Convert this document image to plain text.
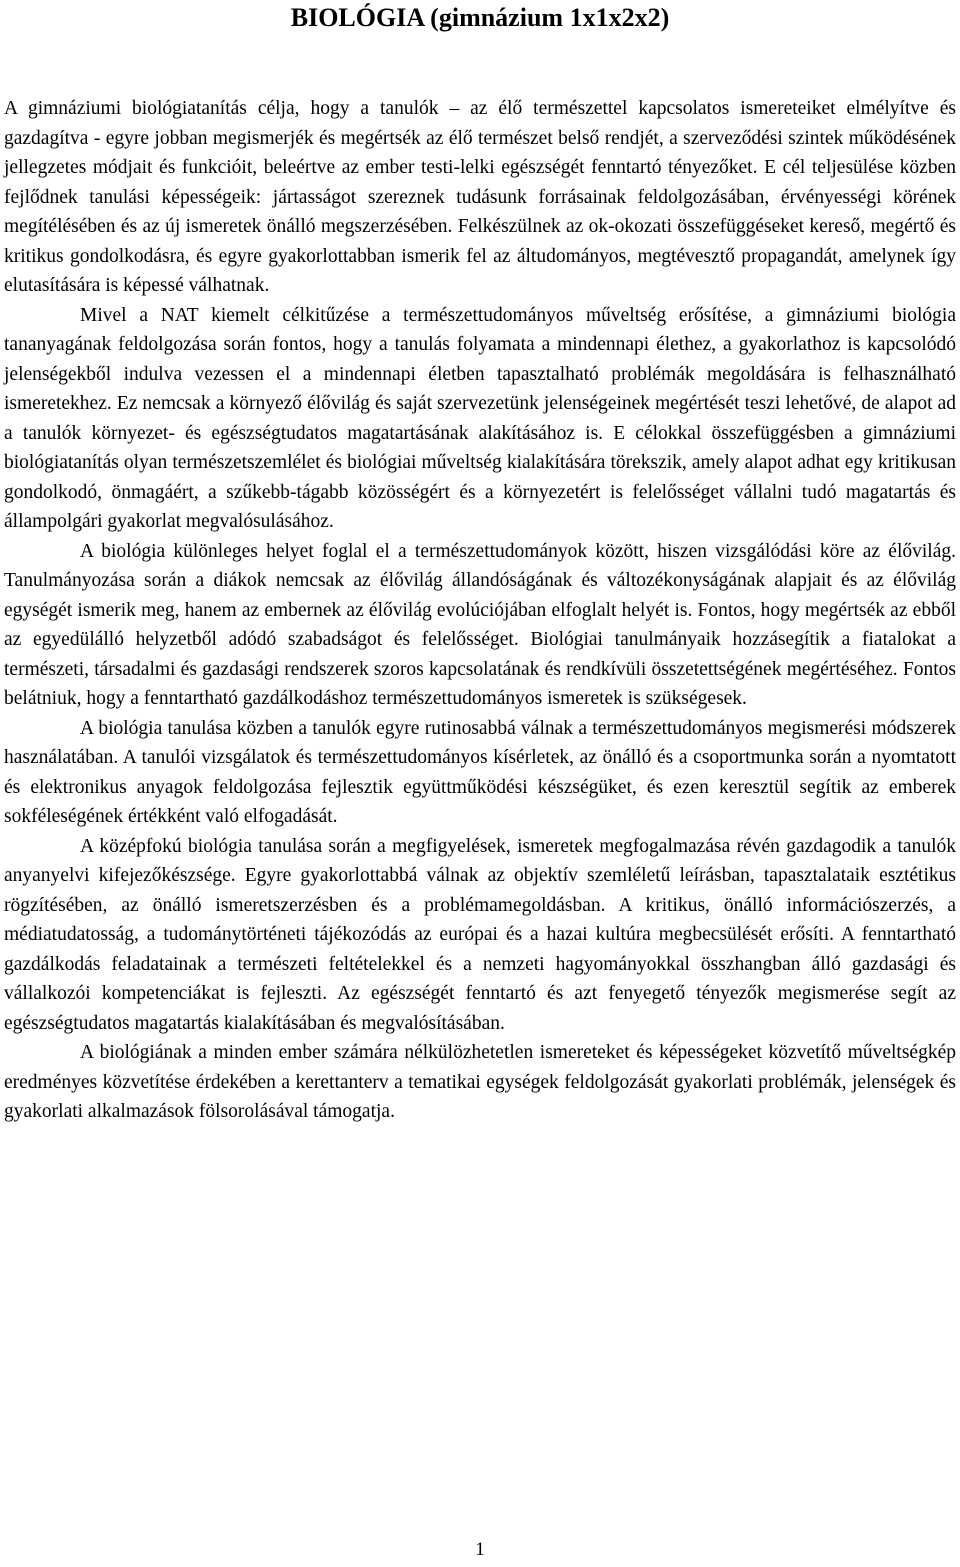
BIOLÓGIA (gimnázium 1x1x2x2)

A gimnáziumi biológiatanítás célja, hogy a tanulók – az élő természettel kapcsolatos ismereteiket elmélyítve és gazdagítva - egyre jobban megismerjék és megértsék az élő természet belső rendjét, a szerveződési szintek működésének jellegzetes módjait és funkcióit, beleértve az ember testi-lelki egészségét fenntartó tényezőket. E cél teljesülése közben fejlődnek tanulási képességeik: jártasságot szereznek tudásunk forrásainak feldolgozásában, érvényességi körének megítélésében és az új ismeretek önálló megszerzésében. Felkészülnek az ok-okozati összefüggéseket kereső, megértő és kritikus gondolkodásra, és egyre gyakorlottabban ismerik fel az áltudományos, megtévesztő propagandát, amelynek így elutasítására is képessé válhatnak.

Mivel a NAT kiemelt célkitűzése a természettudományos műveltség erősítése, a gimnáziumi biológia tananyagának feldolgozása során fontos, hogy a tanulás folyamata a mindennapi élethez, a gyakorlathoz is kapcsolódó jelenségekből indulva vezessen el a mindennapi életben tapasztalható problémák megoldására is felhasználható ismeretekhez. Ez nemcsak a környező élővilág és saját szervezetünk jelenségeinek megértését teszi lehetővé, de alapot ad a tanulók környezet- és egészségtudatos magatartásának alakításához is. E célokkal összefüggésben a gimnáziumi biológiatanítás olyan természetszemlélet és biológiai műveltség kialakítására törekszik, amely alapot adhat egy kritikusan gondolkodó, önmagáért, a szűkebb-tágabb közösségért és a környezetért is felelősséget vállalni tudó magatartás és állampolgári gyakorlat megvalósulásához.

A biológia különleges helyet foglal el a természettudományok között, hiszen vizsgálódási köre az élővilág. Tanulmányozása során a diákok nemcsak az élővilág állandóságának és változékonyságának alapjait és az élővilág egységét ismerik meg, hanem az embernek az élővilág evolúciójában elfoglalt helyét is. Fontos, hogy megértsék az ebből az egyedülálló helyzetből adódó szabadságot és felelősséget. Biológiai tanulmányaik hozzásegítik a fiatalokat a természeti, társadalmi és gazdasági rendszerek szoros kapcsolatának és rendkívüli összetettségének megértéséhez. Fontos belátniuk, hogy a fenntartható gazdálkodáshoz természettudományos ismeretek is szükségesek.

A biológia tanulása közben a tanulók egyre rutinosabbá válnak a természettudományos megismerési módszerek használatában. A tanulói vizsgálatok és természettudományos kísérletek, az önálló és a csoportmunka során a nyomtatott és elektronikus anyagok feldolgozása fejlesztik együttműködési készségüket, és ezen keresztül segítik az emberek sokféleségének értékként való elfogadását.

A középfokú biológia tanulása során a megfigyelések, ismeretek megfogalmazása révén gazdagodik a tanulók anyanyelvi kifejezőkészsége. Egyre gyakorlottabbá válnak az objektív szemléletű leírásban, tapasztalataik esztétikus rögzítésében, az önálló ismeretszerzésben és a problémamegoldásban. A kritikus, önálló információszerzés, a médiatudatosság, a tudománytörténeti tájékozódás az európai és a hazai kultúra megbecsülését erősíti. A fenntartható gazdálkodás feladatainak a természeti feltételekkel és a nemzeti hagyományokkal összhangban álló gazdasági és vállalkozói kompetenciákat is fejleszti. Az egészségét fenntartó és azt fenyegető tényezők megismerése segít az egészségtudatos magatartás kialakításában és megvalósításában.

A biológiának a minden ember számára nélkülözhetetlen ismereteket és képességeket közvetítő műveltségkép eredményes közvetítése érdekében a kerettanterv a tematikai egységek feldolgozását gyakorlati problémák, jelenségek és gyakorlati alkalmazások fölsorolásával támogatja.

1
